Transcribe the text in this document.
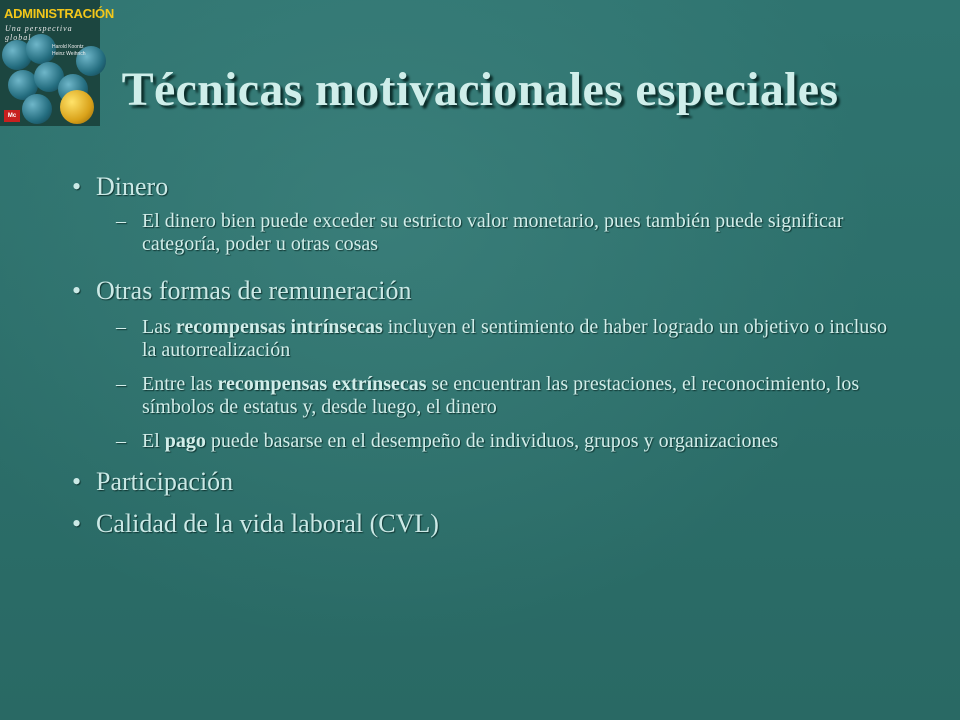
ADMINISTRACIÓN
Una perspectiva global
Harold Koontz
Heinz Weihrich
Mc	Técnicas motivacionales especiales
• Dinero
– El dinero bien puede exceder su estricto valor monetario, pues también puede significar categoría, poder u otras cosas
• Otras formas de remuneración
– Las recompensas intrínsecas incluyen el sentimiento de haber logrado un objetivo o incluso la autorrealización
– Entre las recompensas extrínsecas se encuentran las prestaciones, el reconocimiento, los símbolos de estatus y, desde luego, el dinero
– El pago puede basarse en el desempeño de individuos, grupos y organizaciones
• Participación
• Calidad de la vida laboral (CVL)
